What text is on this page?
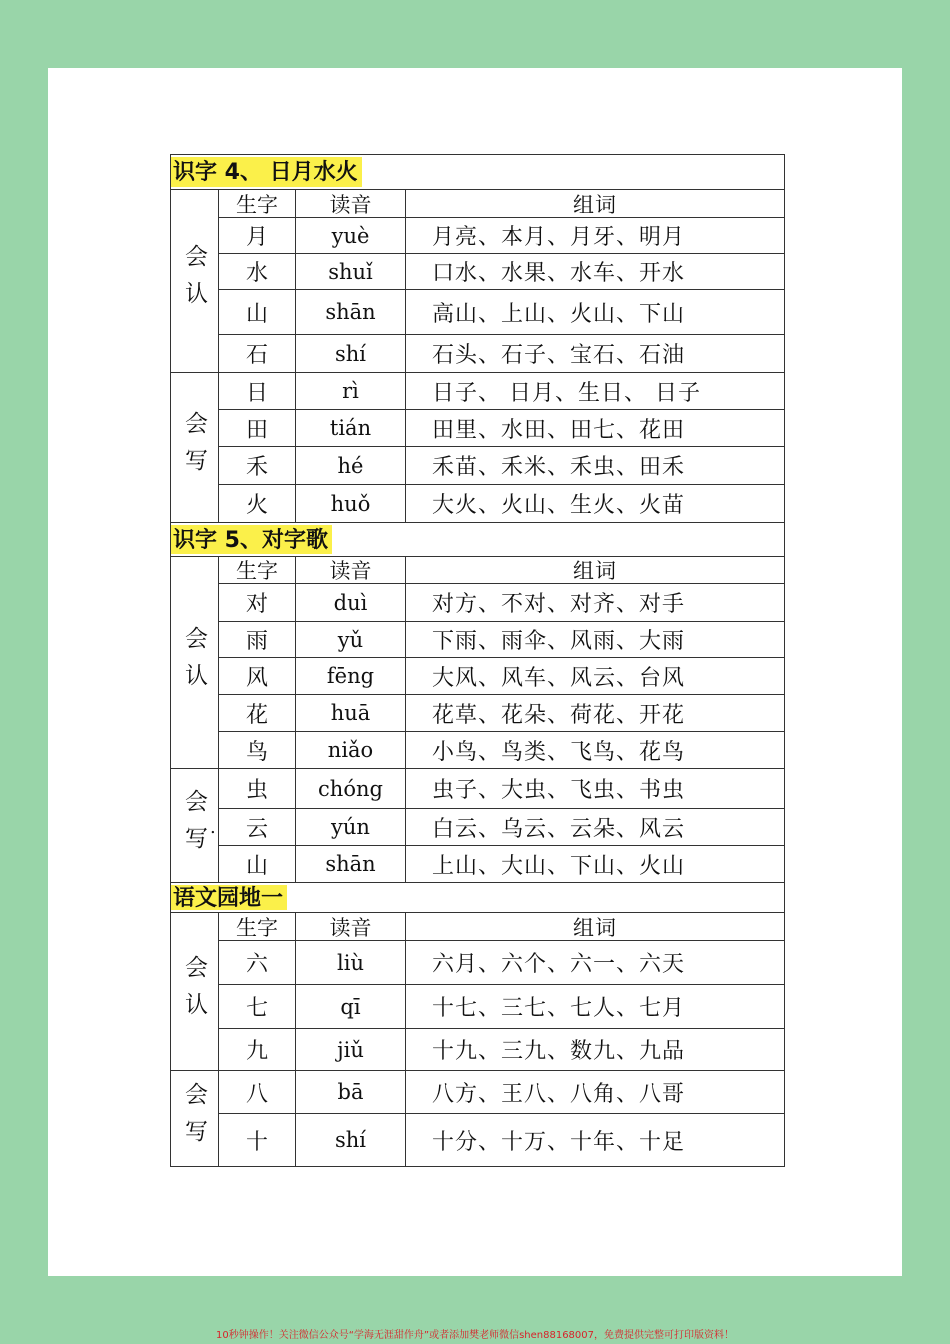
识字 4、 日月水火
会认
生字	读音	组词
月	yuè	月亮、本月、月牙、明月
水	shuǐ	口水、水果、水车、开水
山	shān	高山、上山、火山、下山
石	shí	石头、石子、宝石、石油
会写
日	rì	日子、 日月、生日、 日子
田	tián	田里、水田、田七、花田
禾	hé	禾苗、禾米、禾虫、田禾
火	huǒ	大火、火山、生火、火苗
识字 5、对字歌
会认
生字	读音	组词
对	duì	对方、不对、对齐、对手
雨	yǔ	下雨、雨伞、风雨、大雨
风	fēng	大风、风车、风云、台风
花	huā	花草、花朵、荷花、开花
鸟	niǎo	小鸟、鸟类、飞鸟、花鸟
会写	虫	chóng	虫子、大虫、飞虫、书虫
. 云	yún	白云、乌云、云朵、风云
山	shān	上山、大山、下山、火山
语文园地一
会认
生字	读音	组词
六	liù	六月、六个、六一、六天
七	qī	十七、三七、七人、七月
九	jiǔ	十九、三九、数九、九品
会写	八	bā	八方、王八、八角、八哥
十	shí	十分、十万、十年、十足
10秒钟操作！关注微信公众号“学海无涯甜作舟”或者添加樊老师微信shen88168007，免费提供完整可打印版资料！
